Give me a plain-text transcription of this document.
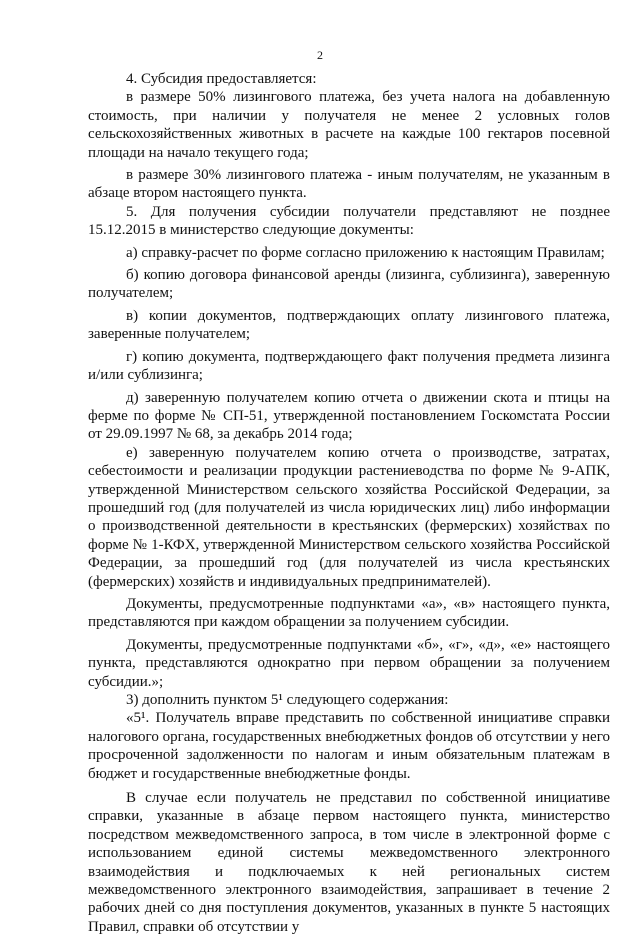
2

4. Субсидия предоставляется:

в размере 50% лизингового платежа, без учета налога на добавленную стоимость, при наличии у получателя не менее 2 условных голов сельскохозяйственных животных в расчете на каждые 100 гектаров посевной площади на начало текущего года;

в размере 30% лизингового платежа - иным получателям, не указанным в абзаце втором настоящего пункта.

5. Для получения субсидии получатели представляют не позднее 15.12.2015 в министерство следующие документы:

а) справку-расчет по форме согласно приложению к настоящим Правилам;

б) копию договора финансовой аренды (лизинга, сублизинга), заверенную получателем;

в) копии документов, подтверждающих оплату лизингового платежа, заверенные получателем;

г) копию документа, подтверждающего факт получения предмета лизинга и/или сублизинга;

д) заверенную получателем копию отчета о движении скота и птицы на ферме по форме № СП-51, утвержденной постановлением Госкомстата России от 29.09.1997 № 68, за декабрь 2014 года;

е) заверенную получателем копию отчета о производстве, затратах, себестоимости и реализации продукции растениеводства по форме № 9-АПК, утвержденной Министерством сельского хозяйства Российской Федерации, за прошедший год (для получателей из числа юридических лиц) либо информации о производственной деятельности в крестьянских (фермерских) хозяйствах по форме № 1-КФХ, утвержденной Министерством сельского хозяйства Российской Федерации, за прошедший год (для получателей из числа крестьянских (фермерских) хозяйств и индивидуальных предпринимателей).

Документы, предусмотренные подпунктами «а», «в» настоящего пункта, представляются при каждом обращении за получением субсидии.

Документы, предусмотренные подпунктами «б», «г», «д», «е» настоящего пункта, представляются однократно при первом обращении за получением субсидии.»;

3) дополнить пунктом 5¹ следующего содержания:

«5¹. Получатель вправе представить по собственной инициативе справки налогового органа, государственных внебюджетных фондов об отсутствии у него просроченной задолженности по налогам и иным обязательным платежам в бюджет и государственные внебюджетные фонды.

В случае если получатель не представил по собственной инициативе справки, указанные в абзаце первом настоящего пункта, министерство посредством межведомственного запроса, в том числе в электронной форме с использованием единой системы межведомственного электронного взаимодействия и подключаемых к ней региональных систем межведомственного электронного взаимодействия, запрашивает в течение 2 рабочих дней со дня поступления документов, указанных в пункте 5 настоящих Правил, справки об отсутствии у
